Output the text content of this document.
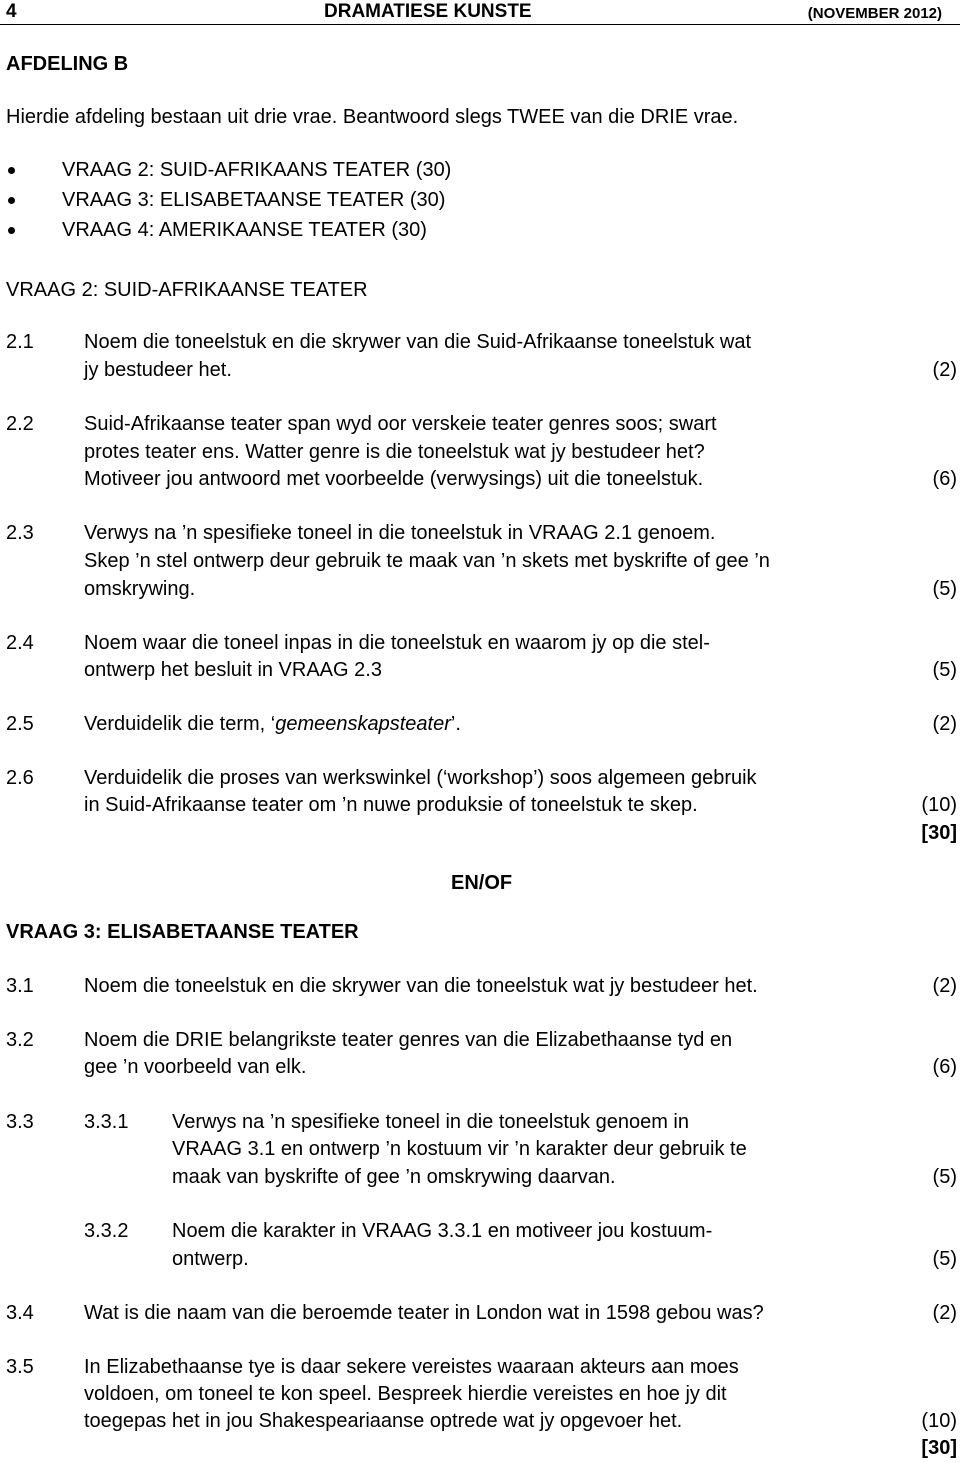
4	DRAMATIESE KUNSTE	(NOVEMBER 2012)
AFDELING B
Hierdie afdeling bestaan uit drie vrae. Beantwoord slegs TWEE van die DRIE vrae.
VRAAG 2: SUID-AFRIKAANS TEATER (30)
VRAAG 3: ELISABETAANSE TEATER (30)
VRAAG 4: AMERIKAANSE TEATER (30)
VRAAG 2: SUID-AFRIKAANSE TEATER
2.1	Noem die toneelstuk en die skrywer van die Suid-Afrikaanse toneelstuk wat
jy bestudeer het.	(2)
2.2	Suid-Afrikaanse teater span wyd oor verskeie teater genres soos; swart
protes teater ens. Watter genre is die toneelstuk wat jy bestudeer het?
Motiveer jou antwoord met voorbeelde (verwysings) uit die toneelstuk.	(6)
2.3	Verwys na ’n spesifieke toneel in die toneelstuk in VRAAG 2.1 genoem.
Skep ’n stel ontwerp deur gebruik te maak van ’n skets met byskrifte of gee ’n
omskrywing.	(5)
2.4	Noem waar die toneel inpas in die toneelstuk en waarom jy op die stel-
ontwerp het besluit in VRAAG 2.3	(5)
2.5	Verduidelik die term, ‘gemeenskapsteater’.	(2)
2.6	Verduidelik die proses van werkswinkel (‘workshop’) soos algemeen gebruik
in Suid-Afrikaanse teater om ’n nuwe produksie of toneelstuk te skep.	(10)
[30]
EN/OF
VRAAG 3: ELISABETAANSE TEATER
3.1	Noem die toneelstuk en die skrywer van die toneelstuk wat jy bestudeer het.	(2)
3.2	Noem die DRIE belangrikste teater genres van die Elizabethaanse tyd en
gee ’n voorbeeld van elk.	(6)
3.3	3.3.1 Verwys na ’n spesifieke toneel in die toneelstuk genoem in
VRAAG 3.1 en ontwerp ’n kostuum vir ’n karakter deur gebruik te
maak van byskrifte of gee ’n omskrywing daarvan.	(5)
3.3.2 Noem die karakter in VRAAG 3.3.1 en motiveer jou kostuum-
ontwerp.	(5)
3.4	Wat is die naam van die beroemde teater in London wat in 1598 gebou was?	(2)
3.5	In Elizabethaanse tye is daar sekere vereistes waaraan akteurs aan moes
voldoen, om toneel te kon speel. Bespreek hierdie vereistes en hoe jy dit
toegepas het in jou Shakespeariaanse optrede wat jy opgevoer het.	(10)
[30]
